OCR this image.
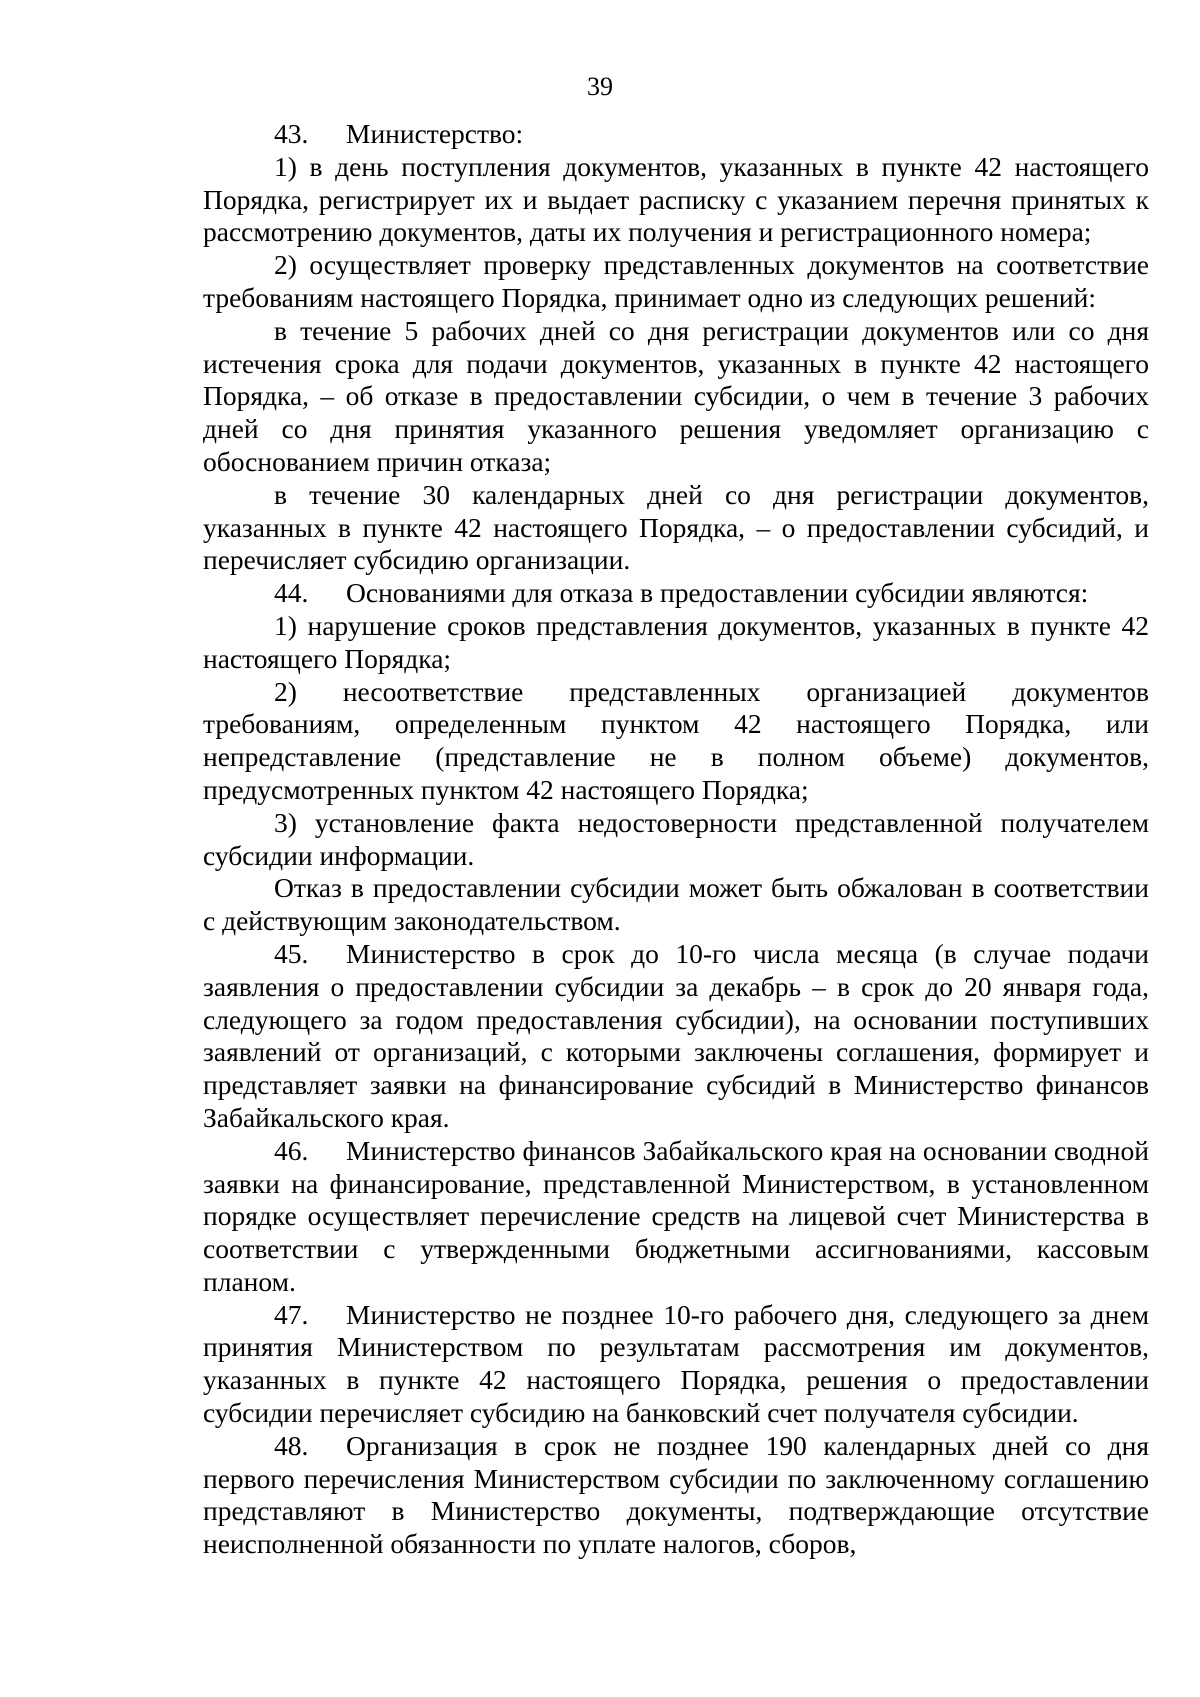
39

43. Министерство:

1) в день поступления документов, указанных в пункте 42 настоящего Порядка, регистрирует их и выдает расписку с указанием перечня принятых к рассмотрению документов, даты их получения и регистрационного номера;

2) осуществляет проверку представленных документов на соответствие требованиям настоящего Порядка, принимает одно из следующих решений:

в течение 5 рабочих дней со дня регистрации документов или со дня истечения срока для подачи документов, указанных в пункте 42 настоящего Порядка, – об отказе в предоставлении субсидии, о чем в течение 3 рабочих дней со дня принятия указанного решения уведомляет организацию с обоснованием причин отказа;

в течение 30 календарных дней со дня регистрации документов, указанных в пункте 42 настоящего Порядка, – о предоставлении субсидий, и перечисляет субсидию организации.

44. Основаниями для отказа в предоставлении субсидии являются:

1) нарушение сроков представления документов, указанных в пункте 42 настоящего Порядка;

2) несоответствие представленных организацией документов требованиям, определенным пунктом 42 настоящего Порядка, или непредставление (представление не в полном объеме) документов, предусмотренных пунктом 42 настоящего Порядка;

3) установление факта недостоверности представленной получателем субсидии информации.

Отказ в предоставлении субсидии может быть обжалован в соответствии с действующим законодательством.

45. Министерство в срок до 10-го числа месяца (в случае подачи заявления о предоставлении субсидии за декабрь – в срок до 20 января года, следующего за годом предоставления субсидии), на основании поступивших заявлений от организаций, с которыми заключены соглашения, формирует и представляет заявки на финансирование субсидий в Министерство финансов Забайкальского края.

46. Министерство финансов Забайкальского края на основании сводной заявки на финансирование, представленной Министерством, в установленном порядке осуществляет перечисление средств на лицевой счет Министерства в соответствии с утвержденными бюджетными ассигнованиями, кассовым планом.

47. Министерство не позднее 10-го рабочего дня, следующего за днем принятия Министерством по результатам рассмотрения им документов, указанных в пункте 42 настоящего Порядка, решения о предоставлении субсидии перечисляет субсидию на банковский счет получателя субсидии.

48. Организация в срок не позднее 190 календарных дней со дня первого перечисления Министерством субсидии по заключенному соглашению представляют в Министерство документы, подтверждающие отсутствие неисполненной обязанности по уплате налогов, сборов,
